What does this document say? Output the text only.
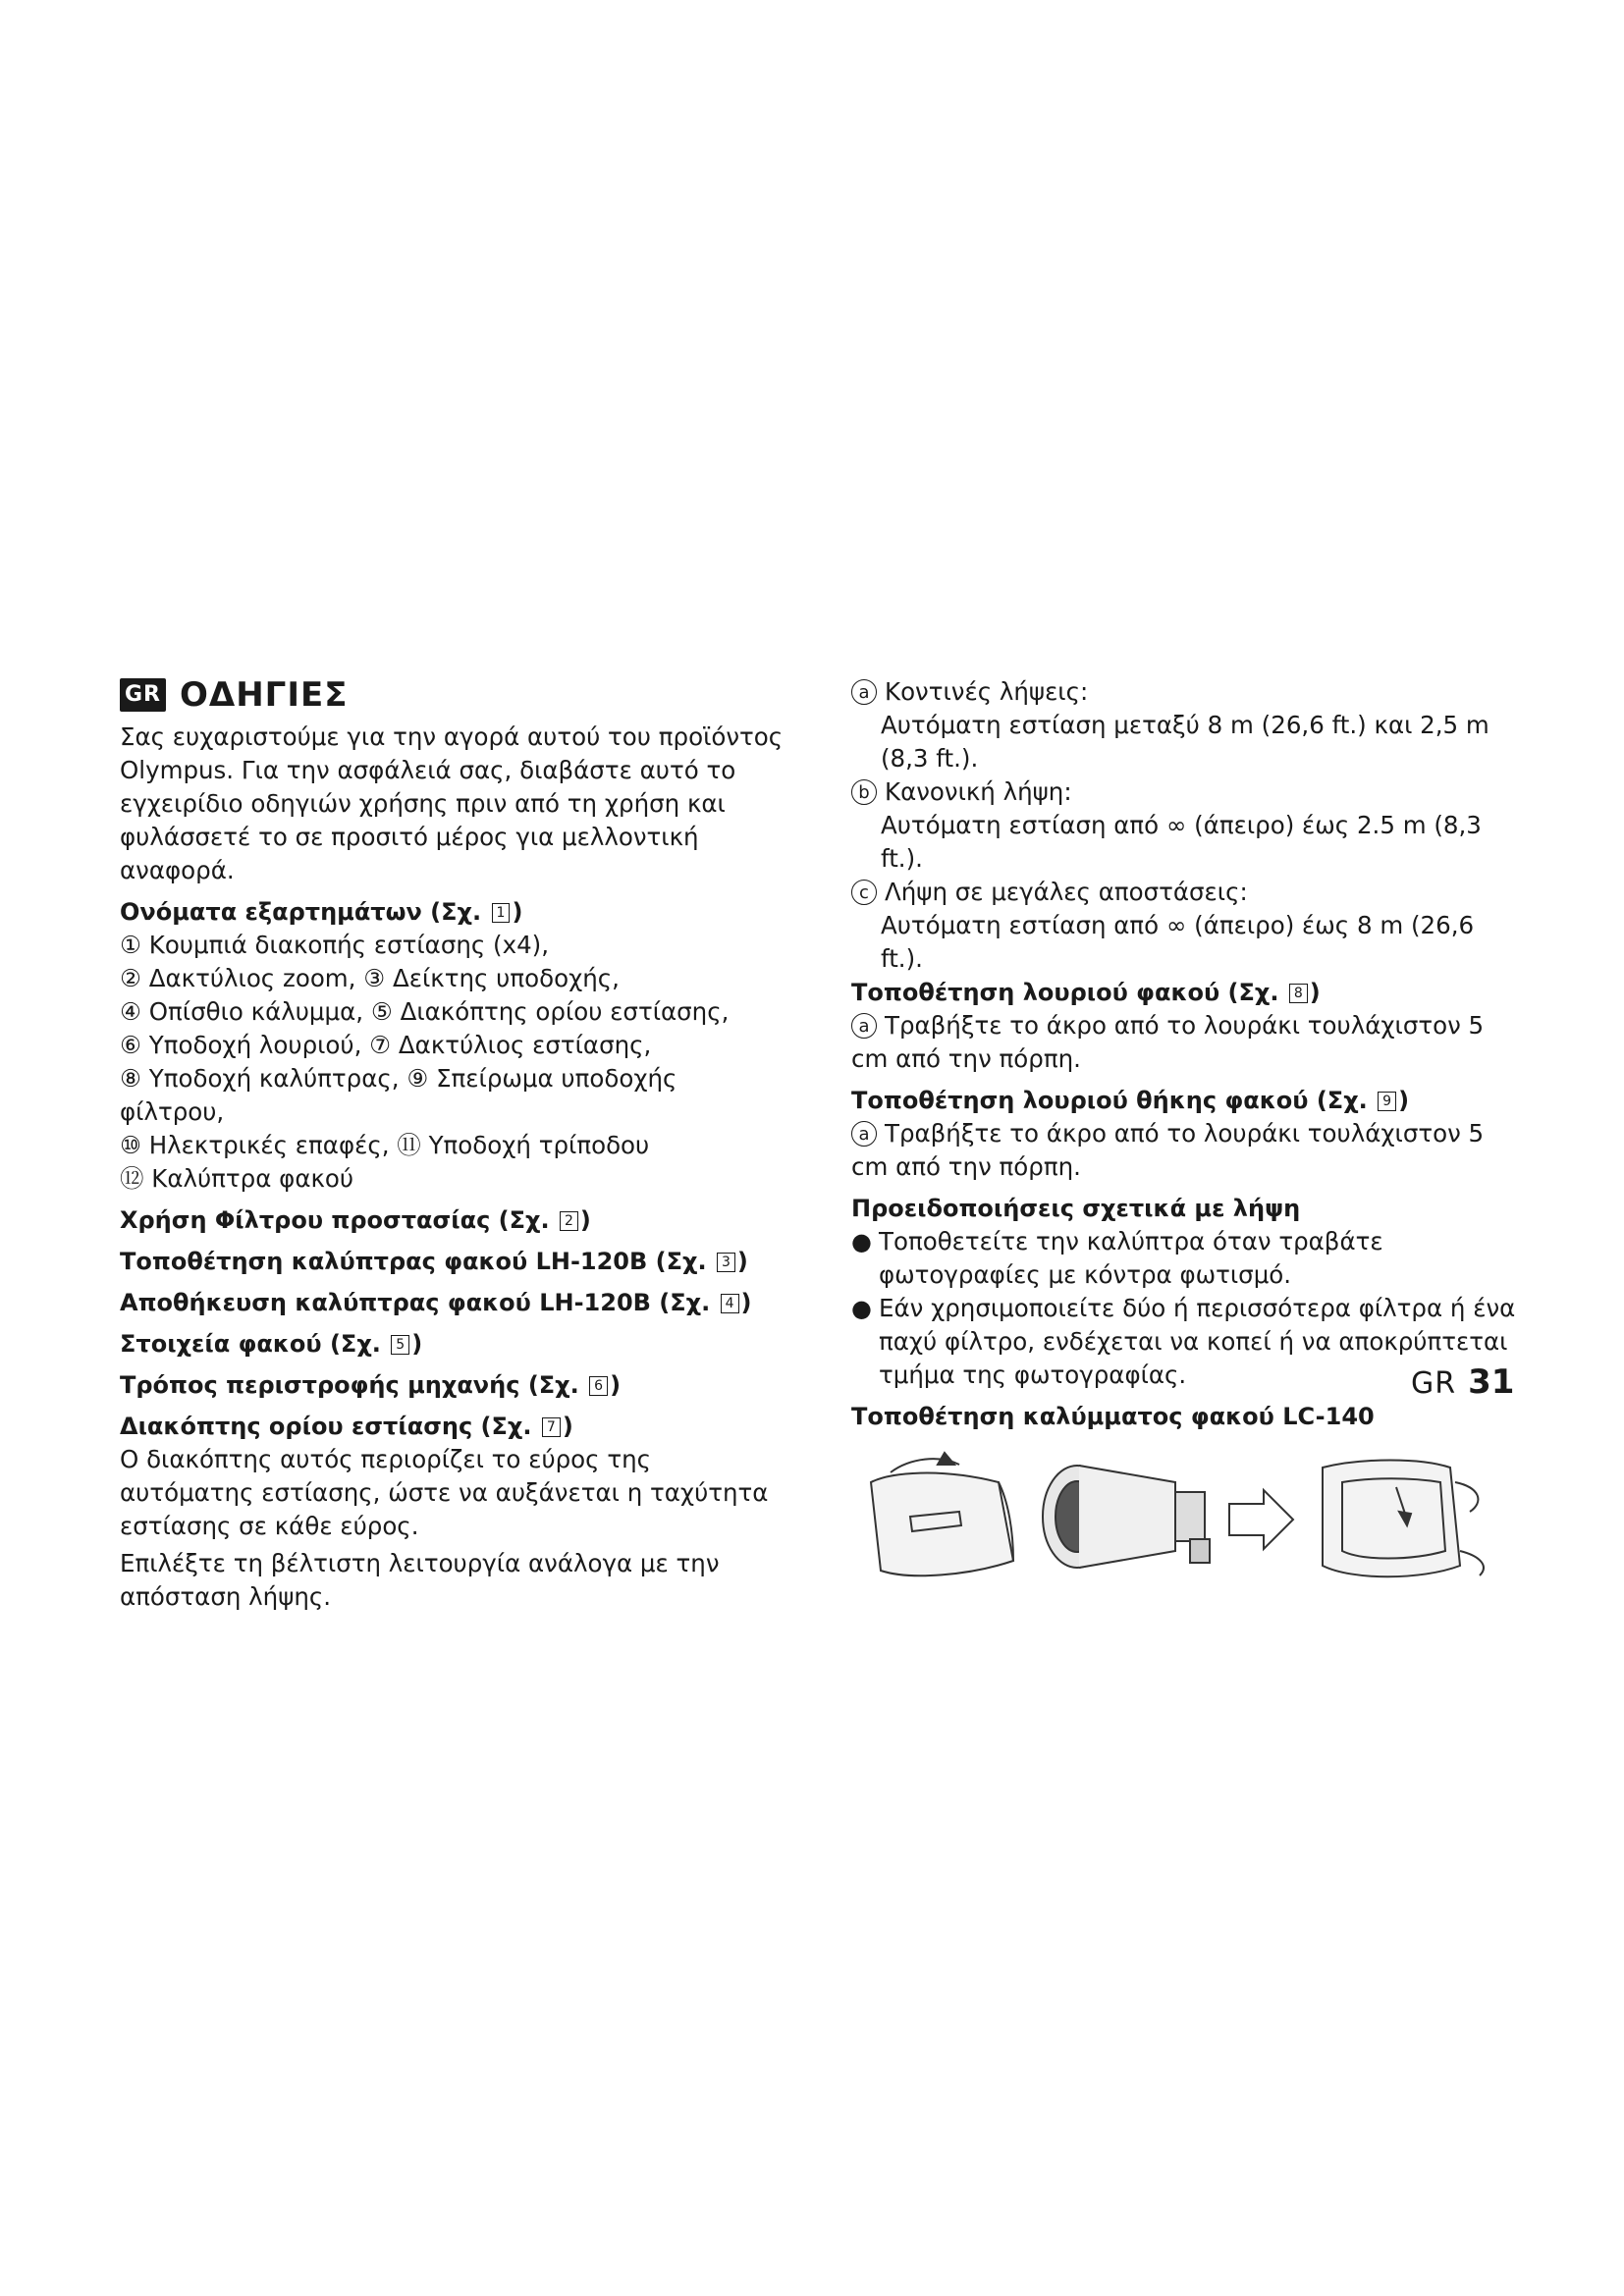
GR ΟΔΗΓΙΕΣ

Σας ευχαριστούμε για την αγορά αυτού του προϊόντος Olympus. Για την ασφάλειά σας, διαβάστε αυτό το εγχειρίδιο οδηγιών χρήσης πριν από τη χρήση και φυλάσσετέ το σε προσιτό μέρος για μελλοντική αναφορά.

Ονόματα εξαρτημάτων (Σχ. 1 )

① Κουμπιά διακοπής εστίασης (x4),

② Δακτύλιος zoom, ③ Δείκτης υποδοχής,

④ Οπίσθιο κάλυμμα, ⑤ Διακόπτης ορίου εστίασης,

⑥ Υποδοχή λουριού, ⑦ Δακτύλιος εστίασης,

⑧ Υποδοχή καλύπτρας, ⑨ Σπείρωμα υποδοχής φίλτρου,

⑩ Ηλεκτρικές επαφές, ⑪ Υποδοχή τρίποδου

⑫ Καλύπτρα φακού

Χρήση Φίλτρου προστασίας (Σχ. 2 )

Τοποθέτηση καλύπτρας φακού LH-120B (Σχ. 3 )

Αποθήκευση καλύπτρας φακού LH-120B (Σχ. 4 )

Στοιχεία φακού (Σχ. 5 )

Τρόπος περιστροφής μηχανής (Σχ. 6 )

Διακόπτης ορίου εστίασης (Σχ. 7 )

Ο διακόπτης αυτός περιορίζει το εύρος της αυτόματης εστίασης, ώστε να αυξάνεται η ταχύτητα εστίασης σε κάθε εύρος.

Επιλέξτε τη βέλτιστη λειτουργία ανάλογα με την απόσταση λήψης.

a Κοντινές λήψεις:

Αυτόματη εστίαση μεταξύ 8 m (26,6 ft.) και 2,5 m (8,3 ft.).

b Κανονική λήψη:

Αυτόματη εστίαση από ∞ (άπειρο) έως 2.5 m (8,3 ft.).

c Λήψη σε μεγάλες αποστάσεις:

Αυτόματη εστίαση από ∞ (άπειρο) έως 8 m (26,6 ft.).

Τοποθέτηση λουριού φακού (Σχ. 8 )

a Τραβήξτε το άκρο από το λουράκι τουλάχιστον 5 cm από την πόρπη.

Τοποθέτηση λουριού θήκης φακού (Σχ. 9 )

a Τραβήξτε το άκρο από το λουράκι τουλάχιστον 5 cm από την πόρπη.

Προειδοποιήσεις σχετικά με λήψη

● Τοποθετείτε την καλύπτρα όταν τραβάτε φωτογραφίες με κόντρα φωτισμό.

● Εάν χρησιμοποιείτε δύο ή περισσότερα φίλτρα ή ένα παχύ φίλτρο, ενδέχεται να κοπεί ή να αποκρύπτεται τμήμα της φωτογραφίας.

Τοποθέτηση καλύμματος φακού LC-140

GR 31
